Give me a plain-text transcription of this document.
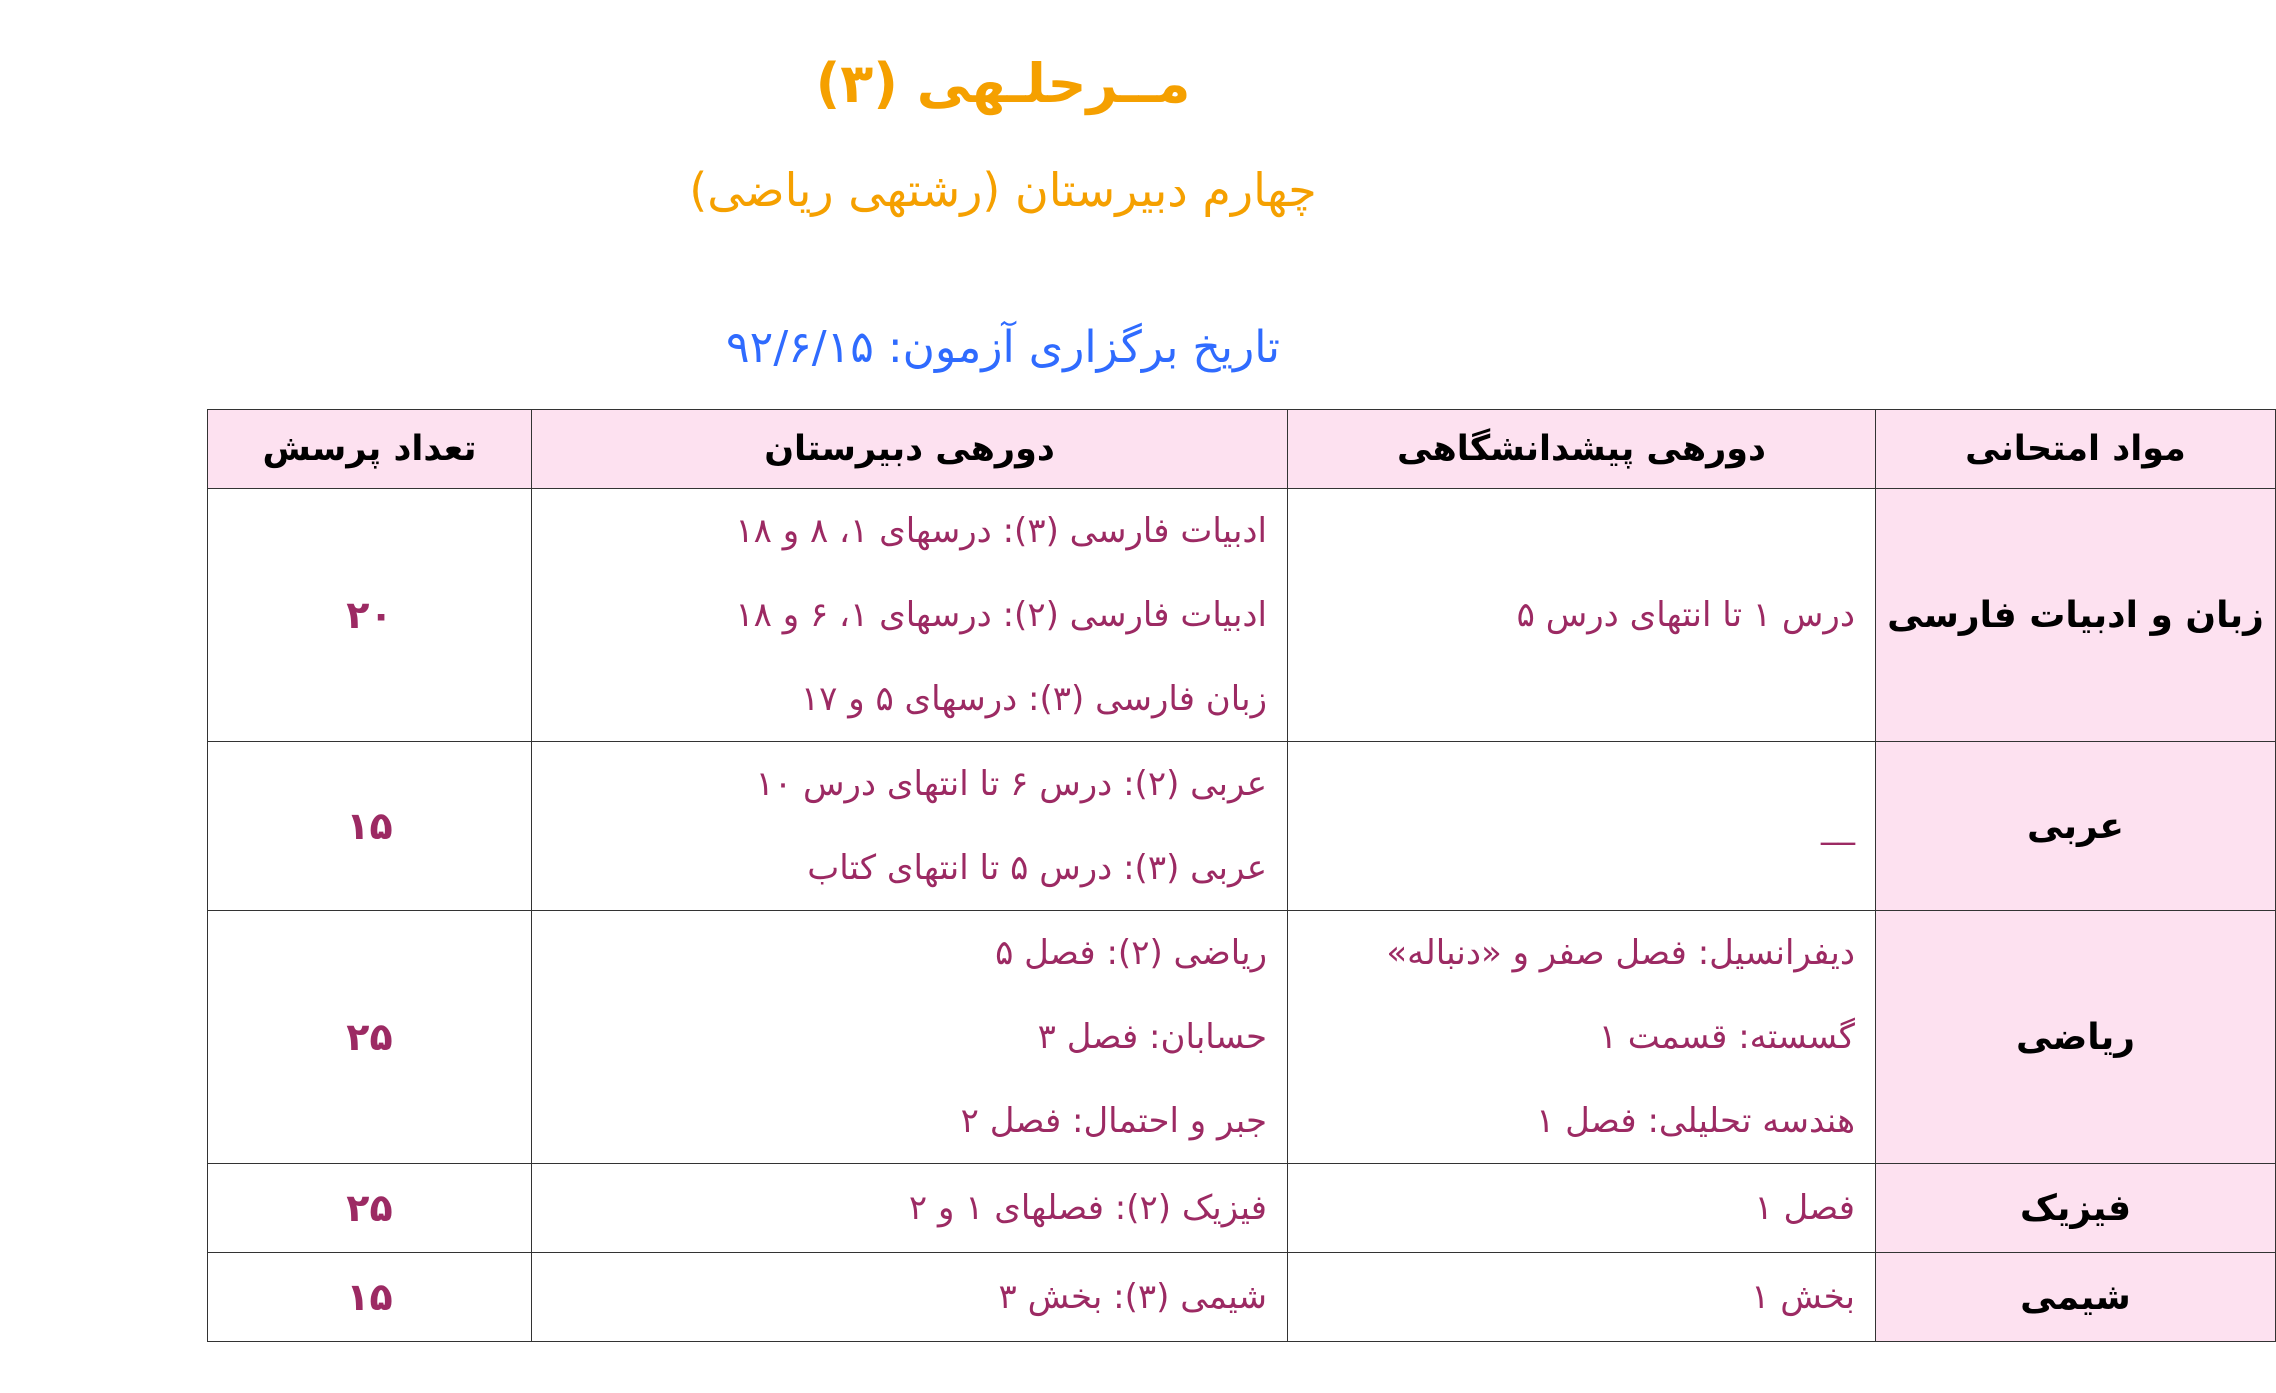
مــرحلـهی (۳)
چهارم دبیرستان (رشتهی ریاضی)
تاریخ برگزاری آزمون: ۹۲/۶/۱۵
مواد امتحانی	دورهی پیشدانشگاهی	دورهی دبیرستان	تعداد پرسش
زبان و ادبیات فارسی	درس ۱ تا انتهای درس ۵	ادبیات فارسی (۳): درسهای ۱، ۸ و ۱۸
ادبیات فارسی (۲): درسهای ۱، ۶ و ۱۸
زبان فارسی (۳): درسهای ۵ و ۱۷	۲۰
عربی	__	عربی (۲): درس ۶ تا انتهای درس ۱۰
عربی (۳): درس ۵ تا انتهای کتاب	۱۵
ریاضی	دیفرانسیل: فصل صفر و «دنباله»
گسسته: قسمت ۱
هندسه تحلیلی: فصل ۱	ریاضی (۲): فصل ۵
حسابان: فصل ۳
جبر و احتمال: فصل ۲	۲۵
فیزیک	فصل ۱	فیزیک (۲): فصلهای ۱ و ۲	۲۵
شیمی	بخش ۱	شیمی (۳): بخش ۳	۱۵
